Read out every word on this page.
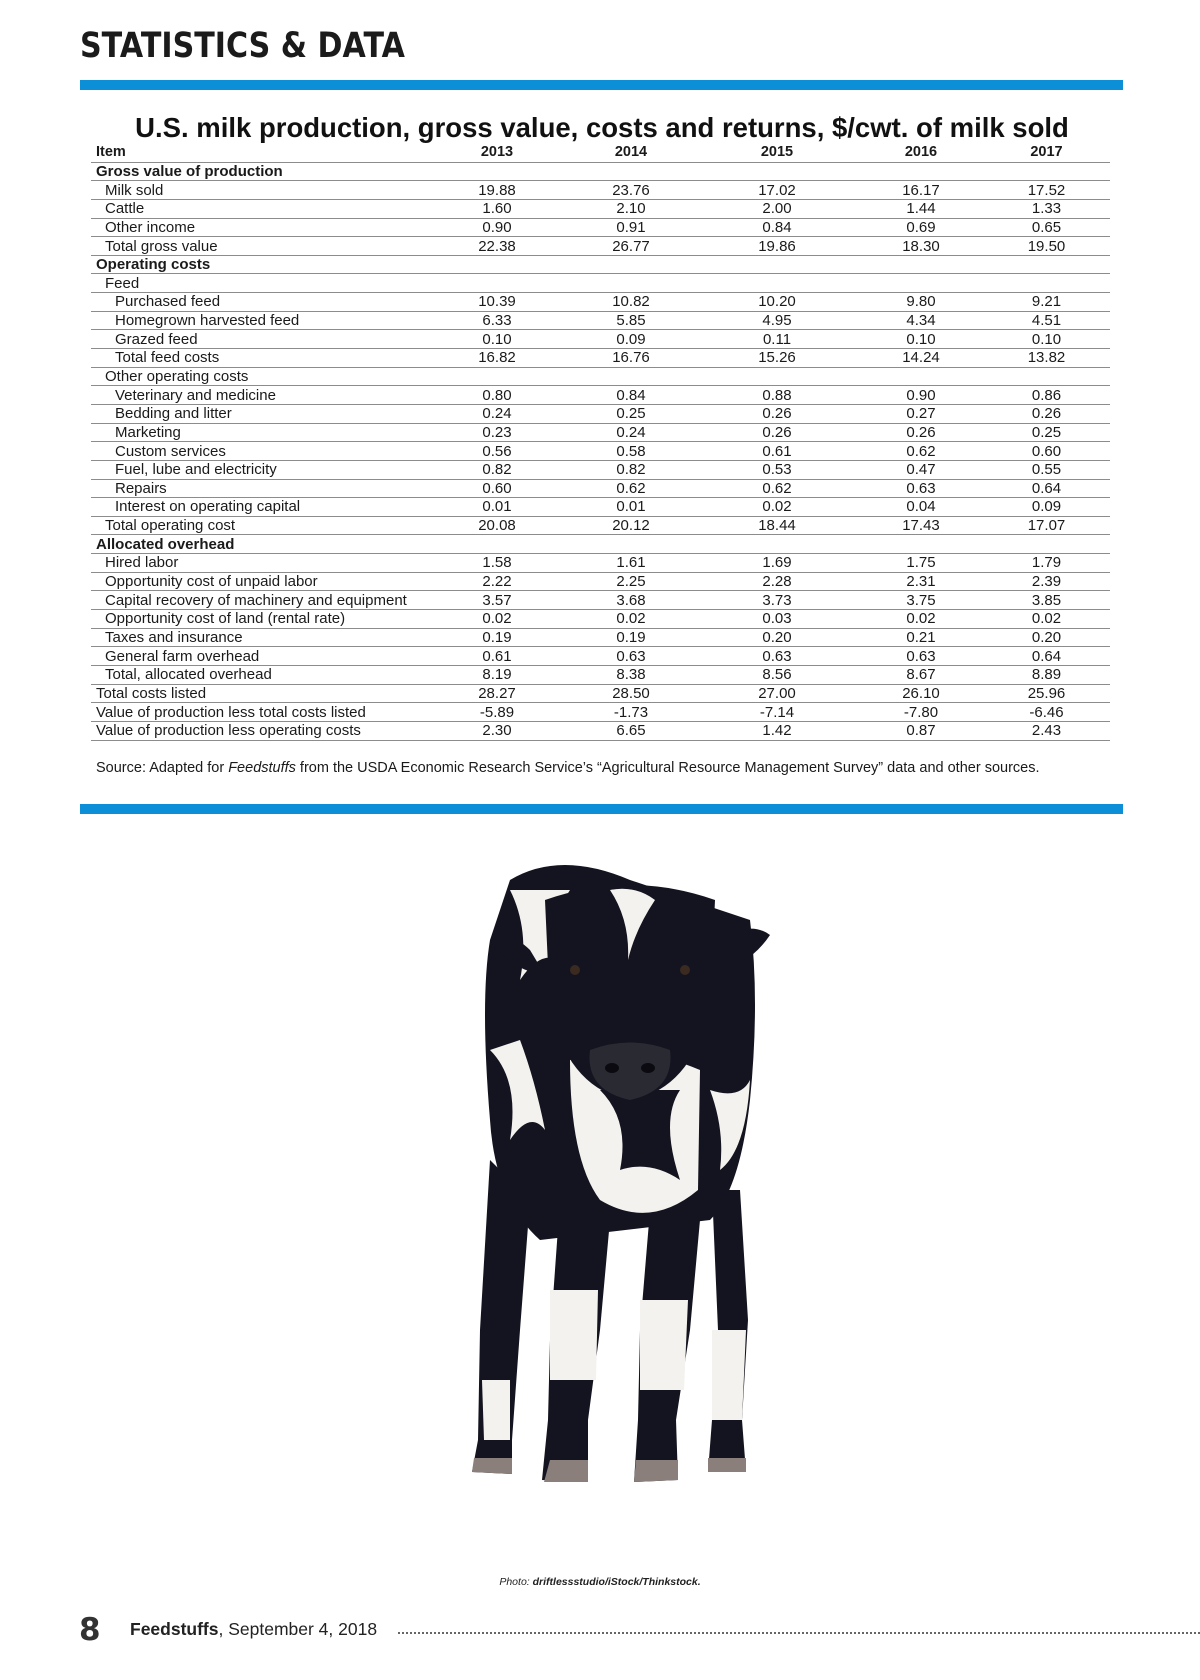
STATISTICS & DATA
U.S. milk production, gross value, costs and returns, $/cwt. of milk sold
Item	2013	2014	2015	2016	2017
Gross value of production					
Milk sold	19.88	23.76	17.02	16.17	17.52
Cattle	1.60	2.10	2.00	1.44	1.33
Other income	0.90	0.91	0.84	0.69	0.65
Total gross value	22.38	26.77	19.86	18.30	19.50
Operating costs					
Feed					
Purchased feed	10.39	10.82	10.20	9.80	9.21
Homegrown harvested feed	6.33	5.85	4.95	4.34	4.51
Grazed feed	0.10	0.09	0.11	0.10	0.10
Total feed costs	16.82	16.76	15.26	14.24	13.82
Other operating costs					
Veterinary and medicine	0.80	0.84	0.88	0.90	0.86
Bedding and litter	0.24	0.25	0.26	0.27	0.26
Marketing	0.23	0.24	0.26	0.26	0.25
Custom services	0.56	0.58	0.61	0.62	0.60
Fuel, lube and electricity	0.82	0.82	0.53	0.47	0.55
Repairs	0.60	0.62	0.62	0.63	0.64
Interest on operating capital	0.01	0.01	0.02	0.04	0.09
Total operating cost	20.08	20.12	18.44	17.43	17.07
Allocated overhead					
Hired labor	1.58	1.61	1.69	1.75	1.79
Opportunity cost of unpaid labor	2.22	2.25	2.28	2.31	2.39
Capital recovery of machinery and equipment	3.57	3.68	3.73	3.75	3.85
Opportunity cost of land (rental rate)	0.02	0.02	0.03	0.02	0.02
Taxes and insurance	0.19	0.19	0.20	0.21	0.20
General farm overhead	0.61	0.63	0.63	0.63	0.64
Total, allocated overhead	8.19	8.38	8.56	8.67	8.89
Total costs listed	28.27	28.50	27.00	26.10	25.96
Value of production less total costs listed	-5.89	-1.73	-7.14	-7.80	-6.46
Value of production less operating costs	2.30	6.65	1.42	0.87	2.43
Source: Adapted for Feedstuffs from the USDA Economic Research Service’s “Agricultural Resource Management Survey” data and other sources.
Photo: driftlessstudio/iStock/Thinkstock.
8 Feedstuffs, September 4, 2018
